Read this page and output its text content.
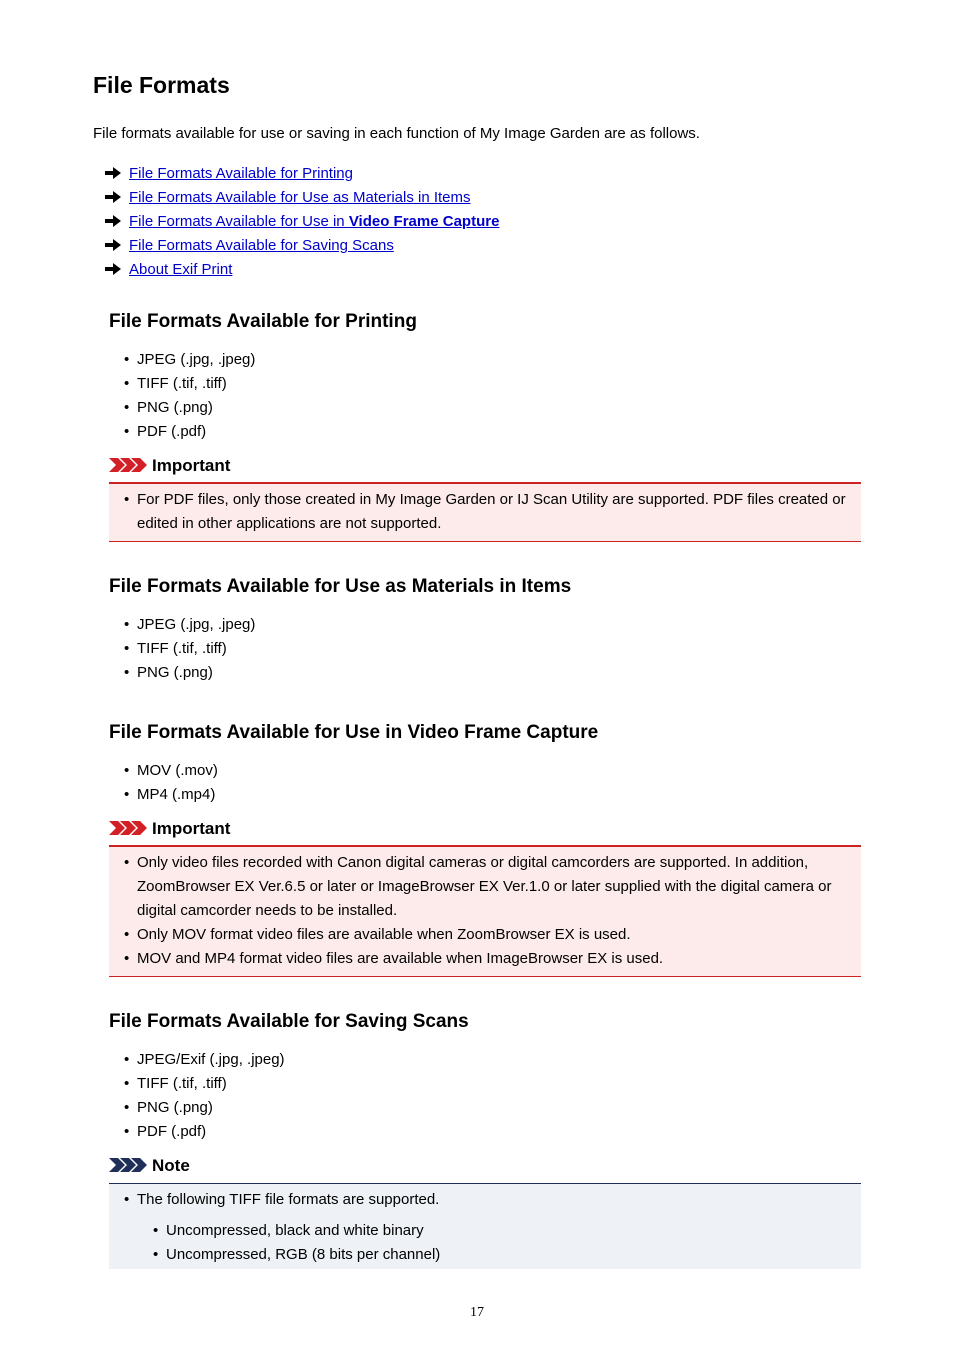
File Formats
File formats available for use or saving in each function of My Image Garden are as follows.
File Formats Available for Printing
File Formats Available for Use as Materials in Items
File Formats Available for Use in Video Frame Capture
File Formats Available for Saving Scans
About Exif Print
File Formats Available for Printing
• JPEG (.jpg, .jpeg)
• TIFF (.tif, .tiff)
• PNG (.png)
• PDF (.pdf)
Important
• For PDF files, only those created in My Image Garden or IJ Scan Utility are supported. PDF files created or edited in other applications are not supported.
File Formats Available for Use as Materials in Items
• JPEG (.jpg, .jpeg)
• TIFF (.tif, .tiff)
• PNG (.png)
File Formats Available for Use in Video Frame Capture
• MOV (.mov)
• MP4 (.mp4)
Important
• Only video files recorded with Canon digital cameras or digital camcorders are supported. In addition, ZoomBrowser EX Ver.6.5 or later or ImageBrowser EX Ver.1.0 or later supplied with the digital camera or digital camcorder needs to be installed.
• Only MOV format video files are available when ZoomBrowser EX is used.
• MOV and MP4 format video files are available when ImageBrowser EX is used.
File Formats Available for Saving Scans
• JPEG/Exif (.jpg, .jpeg)
• TIFF (.tif, .tiff)
• PNG (.png)
• PDF (.pdf)
Note
• The following TIFF file formats are supported.
• Uncompressed, black and white binary
• Uncompressed, RGB (8 bits per channel)
17
